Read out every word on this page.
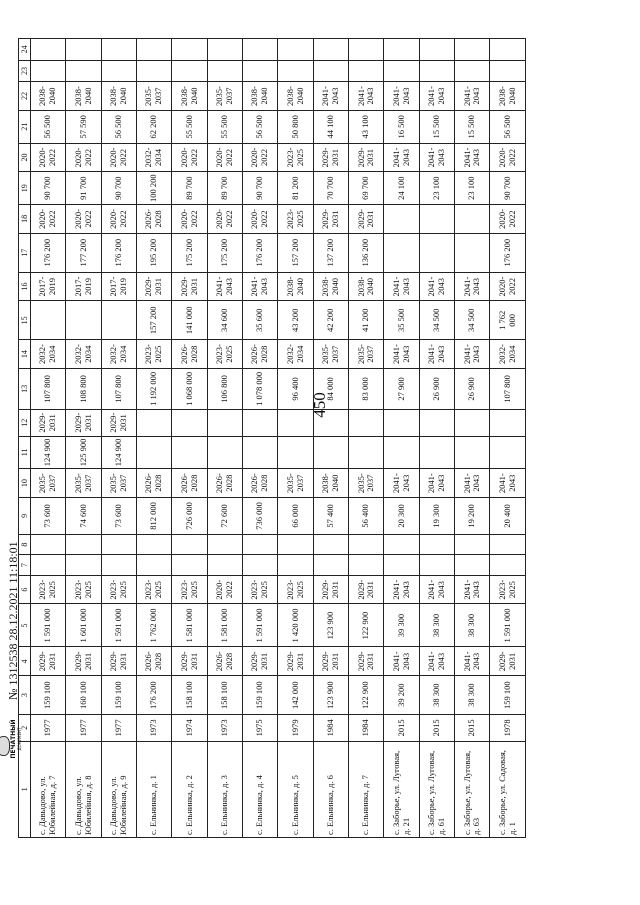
450
1	2	3	4	5	6	7	8	9	10	11	12	13	14	15	16	17	18	19	20	21	22	23	24
с. Давыдово, ул. Юбилейная, д. 7	1977	159 100	2029-2031	1 591 000	2023-2025			73 600	2035-2037	124 900	2029-2031	107 800	2032-2034		2017-2019	176 200	2020-2022	90 700	2020-2022	56 500	2038-2040		
с. Давыдово, ул. Юбилейная, д. 8	1977	160 100	2029-2031	1 601 000	2023-2025			74 600	2035-2037	125 900	2029-2031	108 800	2032-2034		2017-2019	177 200	2020-2022	91 700	2020-2022	57 590	2038-2040		
с. Давыдово, ул. Юбилейная, д. 9	1977	159 100	2029-2031	1 591 000	2023-2025			73 600	2035-2037	124 900	2029-2031	107 800	2032-2034		2017-2019	176 200	2020-2022	90 700	2020-2022	56 500	2038-2040		
с. Ельнинка, д. 1	1973	176 200	2026-2028	1 762 000	2023-2025			812 000	2026-2028			1 192 000	2023-2025	157 200	2029-2031	195 200	2026-2028	100 200	2032-2034	62 200	2035-2037		
с. Ельнинка, д. 2	1974	158 100	2029-2031	1 581 000	2023-2025			726 000	2026-2028			1 068 000	2026-2028	141 000	2029-2031	175 200	2020-2022	89 700	2020-2022	55 500	2038-2040		
с. Ельнинка, д. 3	1973	158 100	2026-2028	1 581 000	2020-2022			72 600	2026-2028			106 800	2023-2025	34 600	2041-2043	175 200	2020-2022	89 700	2020-2022	55 500	2035-2037		
с. Ельнинка, д. 4	1975	159 100	2029-2031	1 591 000	2023-2025			736 000	2026-2028			1 078 000	2026-2028	35 600	2041-2043	176 200	2020-2022	90 700	2020-2022	56 500	2038-2040		
с. Ельнинка, д. 5	1979	142 000	2029-2031	1 420 000	2023-2025			66 000	2035-2037			96 400	2032-2034	43 200	2038-2040	157 200	2023-2025	81 200	2023-2025	50 800	2038-2040		
с. Ельнинка, д. 6	1984	123 900	2029-2031	123 900	2029-2031			57 400	2038-2040			84 000	2035-2037	42 200	2038-2040	137 200	2029-2031	70 700	2029-2031	44 100	2041-2043		
с. Ельнинка, д. 7	1984	122 900	2029-2031	122 900	2029-2031			56 400	2035-2037			83 000	2035-2037	41 200	2038-2040	136 200	2029-2031	69 700	2029-2031	43 100	2041-2043		
с. Заборье, ул. Луговая, д. 21	2015	39 200	2041-2043	39 300	2041-2043			20 300	2041-2043			27 900	2041-2043	35 500	2041-2043			24 100	2041-2043	16 500	2041-2043		
с. Заборье, ул. Луговая, д. 61	2015	38 300	2041-2043	38 300	2041-2043			19 300	2041-2043			26 900	2041-2043	34 500	2041-2043			23 100	2041-2043	15 500	2041-2043		
с. Заборье, ул. Луговая, д. 63	2015	38 300	2041-2043	38 300	2041-2043			19 200	2041-2043			26 900	2041-2043	34 500	2041-2043			23 100	2041-2043	15 500	2041-2043		
с. Заборье, ул. Садовая, д. 1	1978	159 100	2029-2031	1 591 000	2023-2025			20 400	2041-2043			107 800	2032-2034	1 762 000	2020-2022	176 200	2020-2022	90 700	2020-2022	56 500	2038-2040		
ПЕЧАТНЫЙ ДОКУМЕНТ
№ 1312538 28.12.2021 11:18:01
